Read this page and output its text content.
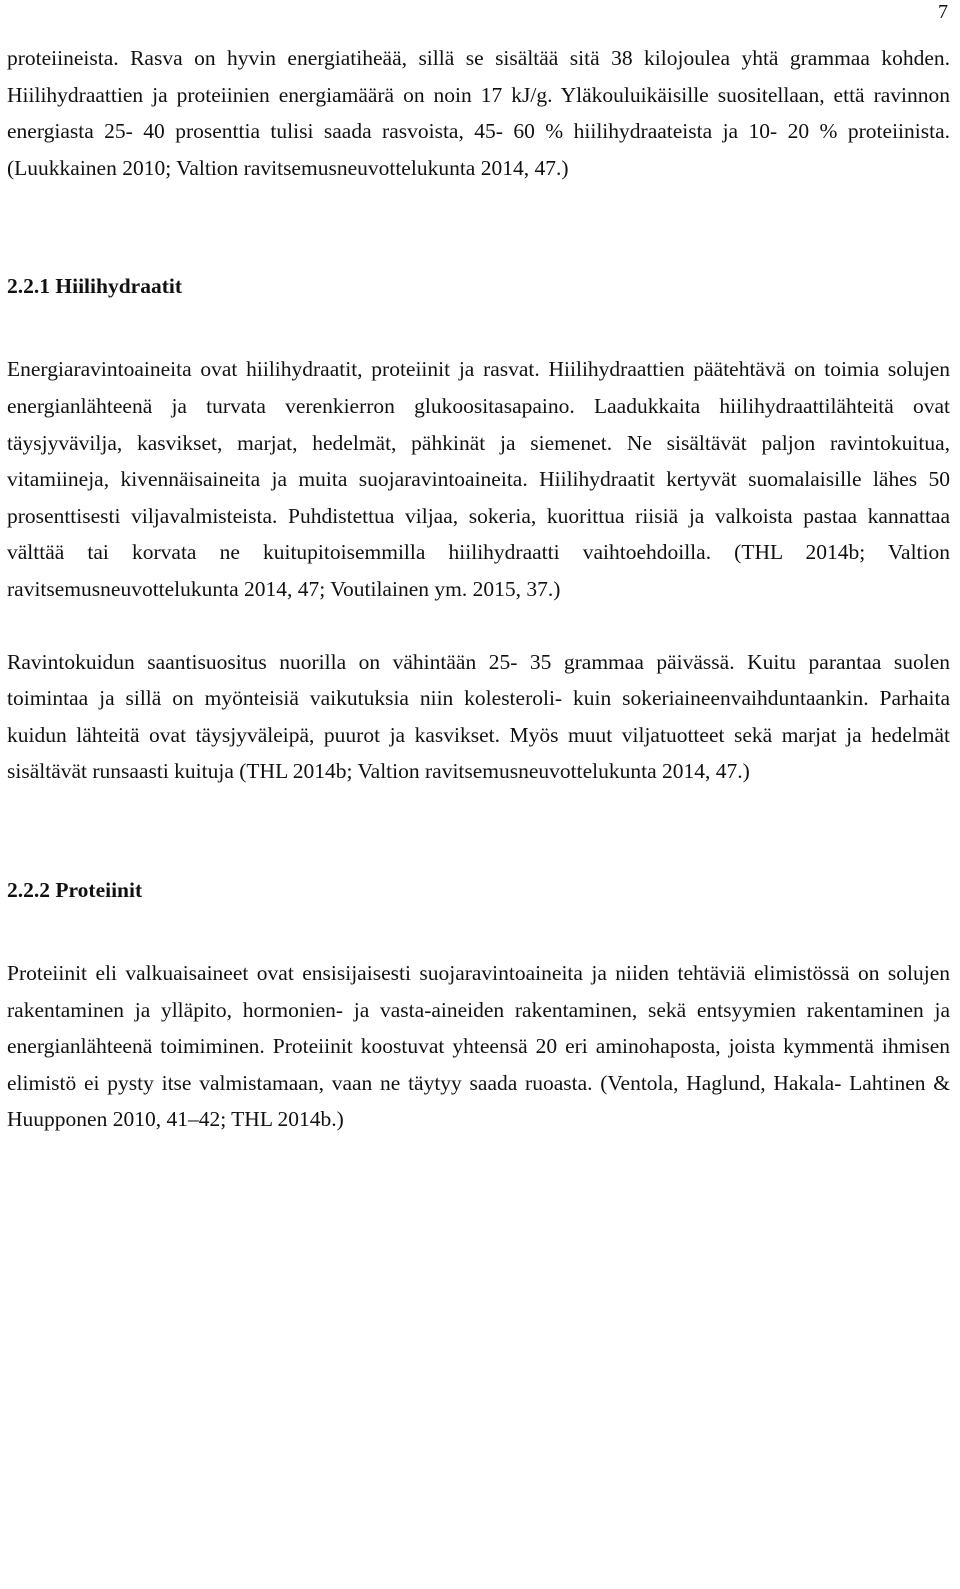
7

proteiineista. Rasva on hyvin energiatiheää, sillä se sisältää sitä 38 kilojoulea yhtä grammaa kohden. Hiilihydraattien ja proteiinien energiamäärä on noin 17 kJ/g. Yläkouluikäisille suositellaan, että ravinnon energiasta 25- 40 prosenttia tulisi saada rasvoista, 45- 60 % hiilihydraateista ja 10- 20 % proteiinista. (Luukkainen 2010; Valtion ravitsemusneuvottelukunta 2014, 47.)

2.2.1 Hiilihydraatit

Energiaravintoaineita ovat hiilihydraatit, proteiinit ja rasvat. Hiilihydraattien päätehtävä on toimia solujen energianlähteenä ja turvata verenkierron glukoositasapaino. Laadukkaita hiilihydraattilähteitä ovat täysjyvävilja, kasvikset, marjat, hedelmät, pähkinät ja siemenet. Ne sisältävät paljon ravintokuitua, vitamiineja, kivennäisaineita ja muita suojaravintoaineita. Hiilihydraatit kertyvät suomalaisille lähes 50 prosenttisesti viljavalmisteista. Puhdistettua viljaa, sokeria, kuorittua riisiä ja valkoista pastaa kannattaa välttää tai korvata ne kuitupitoisemmilla hiilihydraatti vaihtoehdoilla. (THL 2014b; Valtion ravitsemusneuvottelukunta 2014, 47; Voutilainen ym. 2015, 37.)

Ravintokuidun saantisuositus nuorilla on vähintään 25- 35 grammaa päivässä. Kuitu parantaa suolen toimintaa ja sillä on myönteisiä vaikutuksia niin kolesteroli- kuin sokeriaineenvaihduntaankin. Parhaita kuidun lähteitä ovat täysjyväleipä, puurot ja kasvikset. Myös muut viljatuotteet sekä marjat ja hedelmät sisältävät runsaasti kuituja (THL 2014b; Valtion ravitsemusneuvottelukunta 2014, 47.)

2.2.2 Proteiinit

Proteiinit eli valkuaisaineet ovat ensisijaisesti suojaravintoaineita ja niiden tehtäviä elimistössä on solujen rakentaminen ja ylläpito, hormonien- ja vasta-aineiden rakentaminen, sekä entsyymien rakentaminen ja energianlähteenä toimiminen. Proteiinit koostuvat yhteensä 20 eri aminohaposta, joista kymmentä ihmisen elimistö ei pysty itse valmistamaan, vaan ne täytyy saada ruoasta. (Ventola, Haglund, Hakala- Lahtinen & Huupponen 2010, 41–42; THL 2014b.)
